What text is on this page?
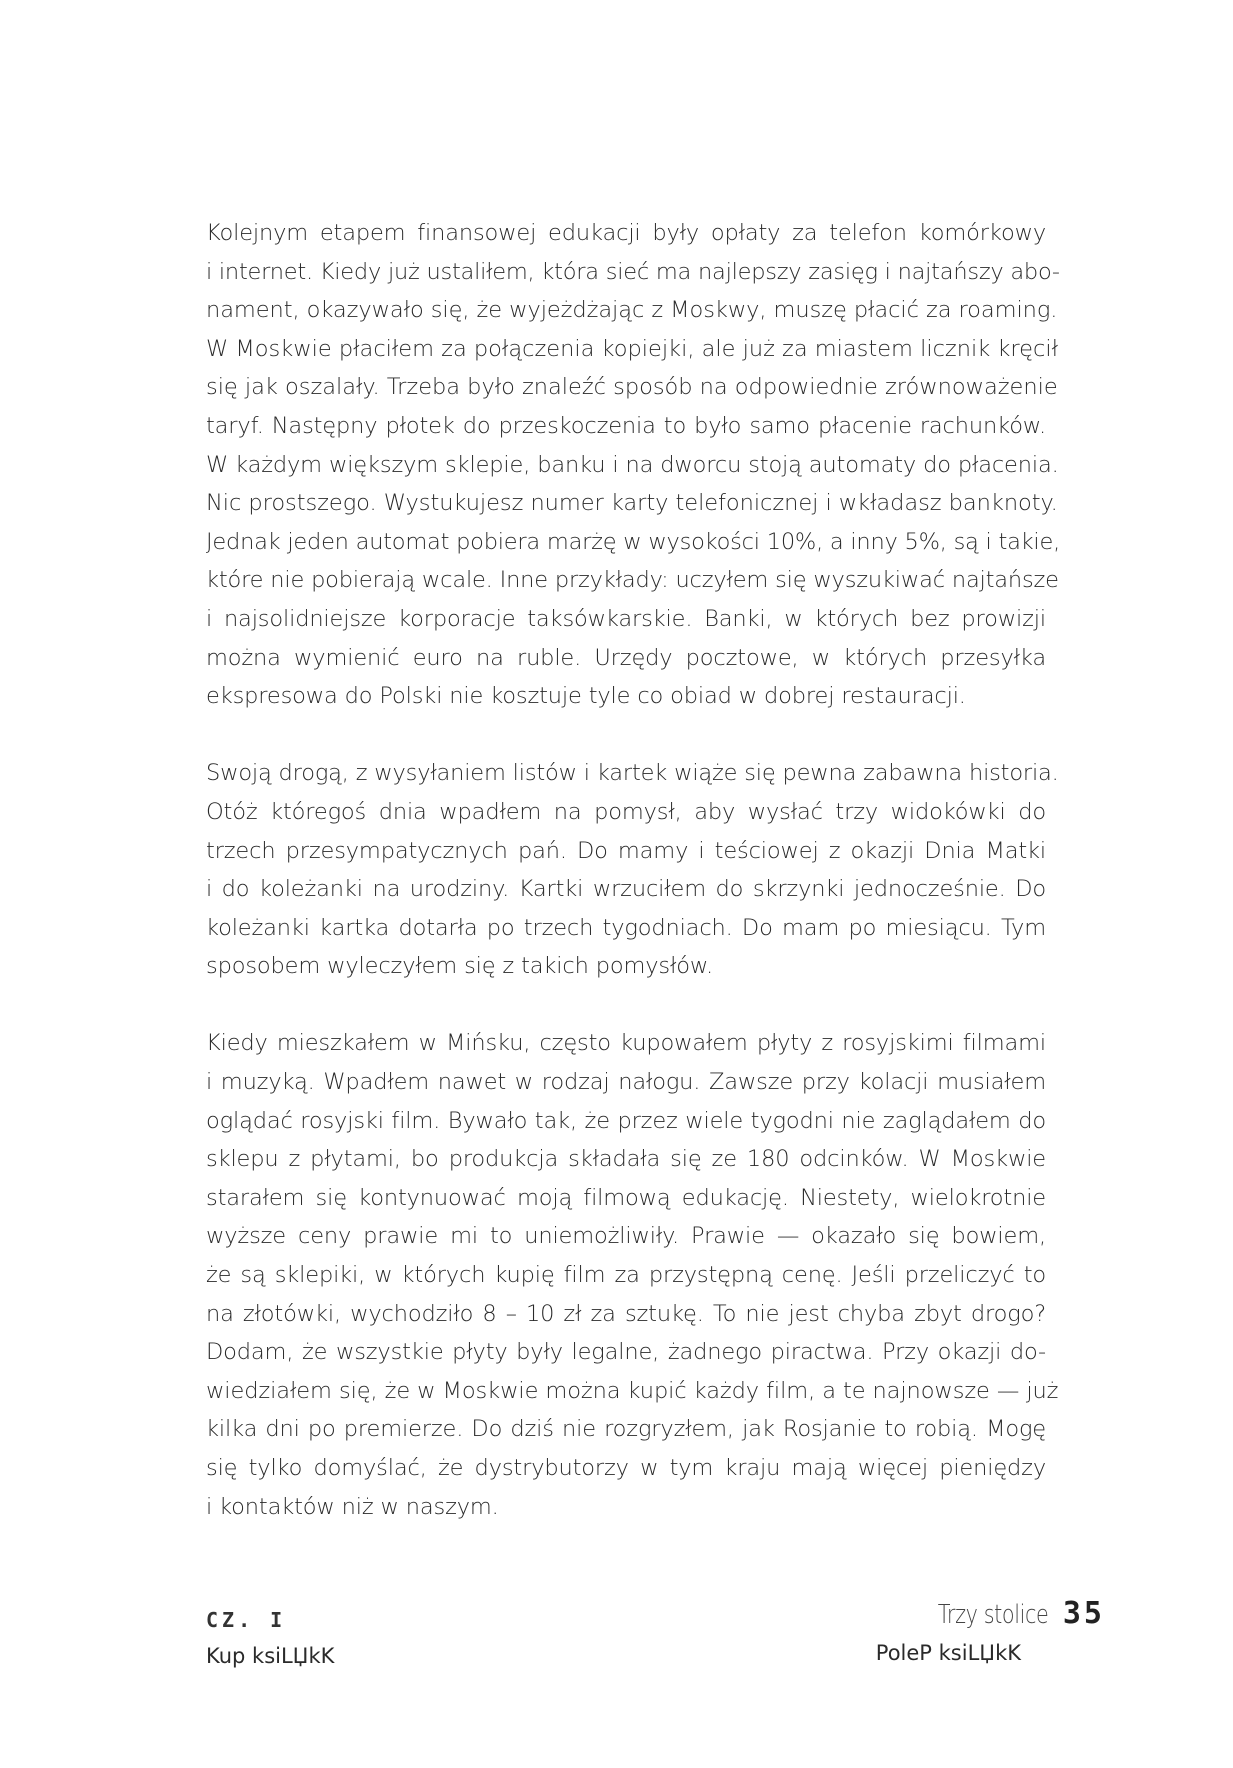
Kolejnym etapem finansowej edukacji były opłaty za telefon komórkowy
i internet. Kiedy już ustaliłem, która sieć ma najlepszy zasięg i najtańszy abo-
nament, okazywało się, że wyjeżdżając z Moskwy, muszę płacić za roaming.
W Moskwie płaciłem za połączenia kopiejki, ale już za miastem licznik kręcił
się jak oszalały. Trzeba było znaleźć sposób na odpowiednie zrównoważenie
taryf. Następny płotek do przeskoczenia to było samo płacenie rachunków.
W każdym większym sklepie, banku i na dworcu stoją automaty do płacenia.
Nic prostszego. Wystukujesz numer karty telefonicznej i wkładasz banknoty.
Jednak jeden automat pobiera marżę w wysokości 10%, a inny 5%, są i takie,
które nie pobierają wcale. Inne przykłady: uczyłem się wyszukiwać najtańsze
i najsolidniejsze korporacje taksówkarskie. Banki, w których bez prowizji
można wymienić euro na ruble. Urzędy pocztowe, w których przesyłka
ekspresowa do Polski nie kosztuje tyle co obiad w dobrej restauracji.
Swoją drogą, z wysyłaniem listów i kartek wiąże się pewna zabawna historia.
Otóż któregoś dnia wpadłem na pomysł, aby wysłać trzy widokówki do
trzech przesympatycznych pań. Do mamy i teściowej z okazji Dnia Matki
i do koleżanki na urodziny. Kartki wrzuciłem do skrzynki jednocześnie. Do
koleżanki kartka dotarła po trzech tygodniach. Do mam po miesiącu. Tym
sposobem wyleczyłem się z takich pomysłów.
Kiedy mieszkałem w Mińsku, często kupowałem płyty z rosyjskimi filmami
i muzyką. Wpadłem nawet w rodzaj nałogu. Zawsze przy kolacji musiałem
oglądać rosyjski film. Bywało tak, że przez wiele tygodni nie zaglądałem do
sklepu z płytami, bo produkcja składała się ze 180 odcinków. W Moskwie
starałem się kontynuować moją filmową edukację. Niestety, wielokrotnie
wyższe ceny prawie mi to uniemożliwiły. Prawie — okazało się bowiem,
że są sklepiki, w których kupię film za przystępną cenę. Jeśli przeliczyć to
na złotówki, wychodziło 8 – 10 zł za sztukę. To nie jest chyba zbyt drogo?
Dodam, że wszystkie płyty były legalne, żadnego piractwa. Przy okazji do-
wiedziałem się, że w Moskwie można kupić każdy film, a te najnowsze — już
kilka dni po premierze. Do dziś nie rozgryzłem, jak Rosjanie to robią. Mogę
się tylko domyślać, że dystrybutorzy w tym kraju mają więcej pieniędzy
i kontaktów niż w naszym.
CZ. I
Kup ksiLЏkK
Trzy stolice 35
PoleP ksiLЏkK
